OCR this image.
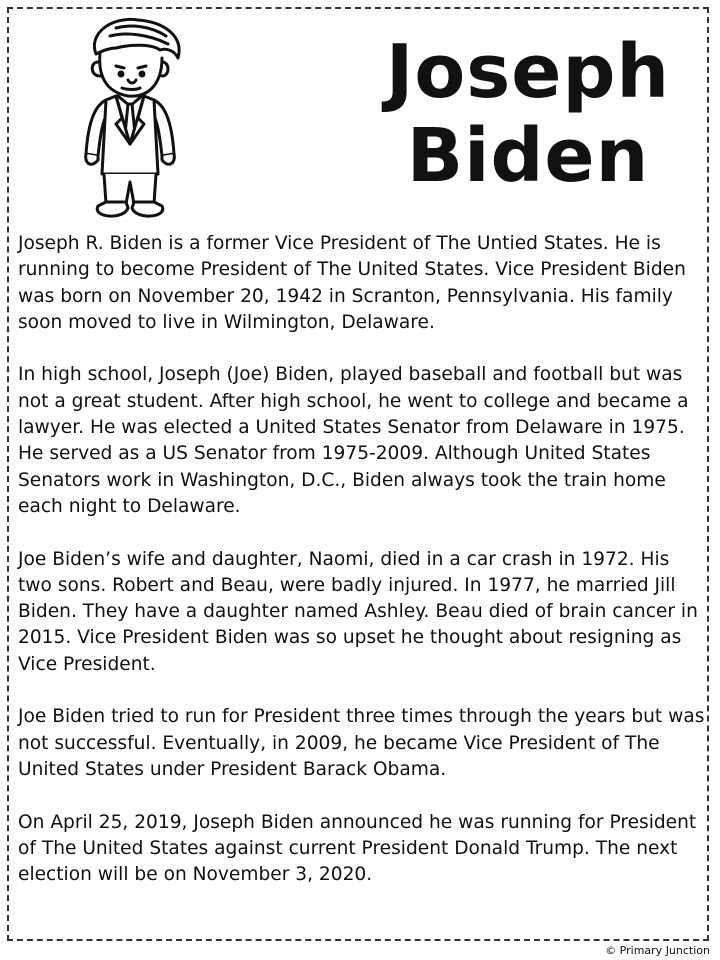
Joseph
Biden

Joseph R. Biden is a former Vice President of The Untied States. He is running to become President of The United States. Vice President Biden was born on November 20, 1942 in Scranton, Pennsylvania. His family soon moved to live in Wilmington, Delaware.

In high school, Joseph (Joe) Biden, played baseball and football but was not a great student. After high school, he went to college and became a lawyer. He was elected a United States Senator from Delaware in 1975. He served as a US Senator from 1975-2009. Although United States Senators work in Washington, D.C., Biden always took the train home each night to Delaware.

Joe Biden’s wife and daughter, Naomi, died in a car crash in 1972. His two sons. Robert and Beau, were badly injured. In 1977, he married Jill Biden. They have a daughter named Ashley. Beau died of brain cancer in 2015. Vice President Biden was so upset he thought about resigning as Vice President.

Joe Biden tried to run for President three times through the years but was not successful. Eventually, in 2009, he became Vice President of The United States under President Barack Obama.

On April 25, 2019, Joseph Biden announced he was running for President of The United States against current President Donald Trump. The next election will be on November 3, 2020.

© Primary Junction
